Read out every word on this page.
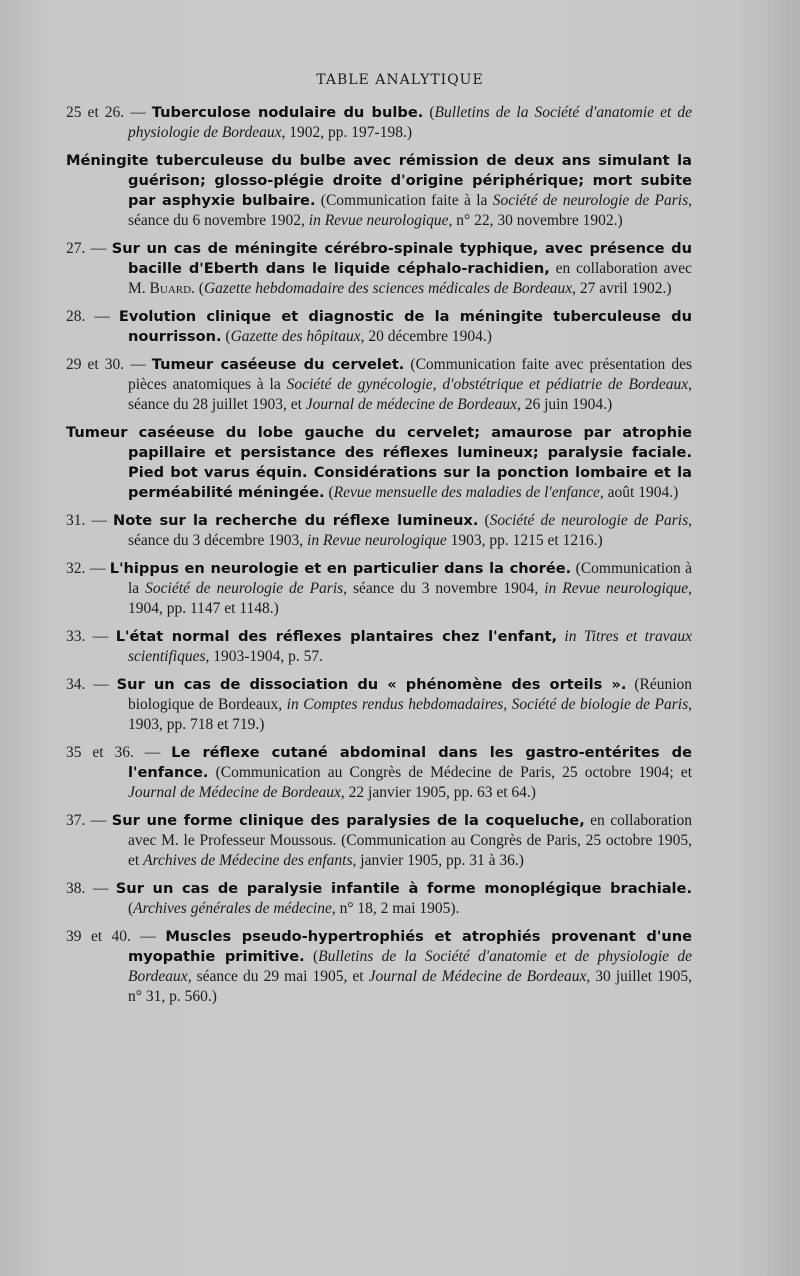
TABLE ANALYTIQUE
25 et 26. — Tuberculose nodulaire du bulbe. (Bulletins de la Société d'anatomie et de physiologie de Bordeaux, 1902, pp. 197-198.)
Méningite tuberculeuse du bulbe avec rémission de deux ans simulant la guérison; glosso-plégie droite d'origine périphérique; mort subite par asphyxie bulbaire. (Communication faite à la Société de neurologie de Paris, séance du 6 novembre 1902, in Revue neurologique, n° 22, 30 novembre 1902.)
27. — Sur un cas de méningite cérébro-spinale typhique, avec présence du bacille d'Eberth dans le liquide céphalo-rachidien, en collaboration avec M. Buard. (Gazette hebdomadaire des sciences médicales de Bordeaux, 27 avril 1902.)
28. — Evolution clinique et diagnostic de la méningite tuberculeuse du nourrisson. (Gazette des hôpitaux, 20 décembre 1904.)
29 et 30. — Tumeur caséeuse du cervelet. (Communication faite avec présentation des pièces anatomiques à la Société de gynécologie, d'obstétrique et pédiatrie de Bordeaux, séance du 28 juillet 1903, et Journal de médecine de Bordeaux, 26 juin 1904.)
Tumeur caséeuse du lobe gauche du cervelet; amaurose par atrophie papillaire et persistance des réflexes lumineux; paralysie faciale. Pied bot varus équin. Considérations sur la ponction lombaire et la perméabilité méningée. (Revue mensuelle des maladies de l'enfance, août 1904.)
31. — Note sur la recherche du réflexe lumineux. (Société de neurologie de Paris, séance du 3 décembre 1903, in Revue neurologique 1903, pp. 1215 et 1216.)
32. — L'hippus en neurologie et en particulier dans la chorée. (Communication à la Société de neurologie de Paris, séance du 3 novembre 1904, in Revue neurologique, 1904, pp. 1147 et 1148.)
33. — L'état normal des réflexes plantaires chez l'enfant, in Titres et travaux scientifiques, 1903-1904, p. 57.
34. — Sur un cas de dissociation du « phénomène des orteils ». (Réunion biologique de Bordeaux, in Comptes rendus hebdomadaires, Société de biologie de Paris, 1903, pp. 718 et 719.)
35 et 36. — Le réflexe cutané abdominal dans les gastro-entérites de l'enfance. (Communication au Congrès de Médecine de Paris, 25 octobre 1904; et Journal de Médecine de Bordeaux, 22 janvier 1905, pp. 63 et 64.)
37. — Sur une forme clinique des paralysies de la coqueluche, en collaboration avec M. le Professeur Moussous. (Communication au Congrès de Paris, 25 octobre 1905, et Archives de Médecine des enfants, janvier 1905, pp. 31 à 36.)
38. — Sur un cas de paralysie infantile à forme monoplégique brachiale. (Archives générales de médecine, n° 18, 2 mai 1905).
39 et 40. — Muscles pseudo-hypertrophiés et atrophiés provenant d'une myopathie primitive. (Bulletins de la Société d'anatomie et de physiologie de Bordeaux, séance du 29 mai 1905, et Journal de Médecine de Bordeaux, 30 juillet 1905, n° 31, p. 560.)
